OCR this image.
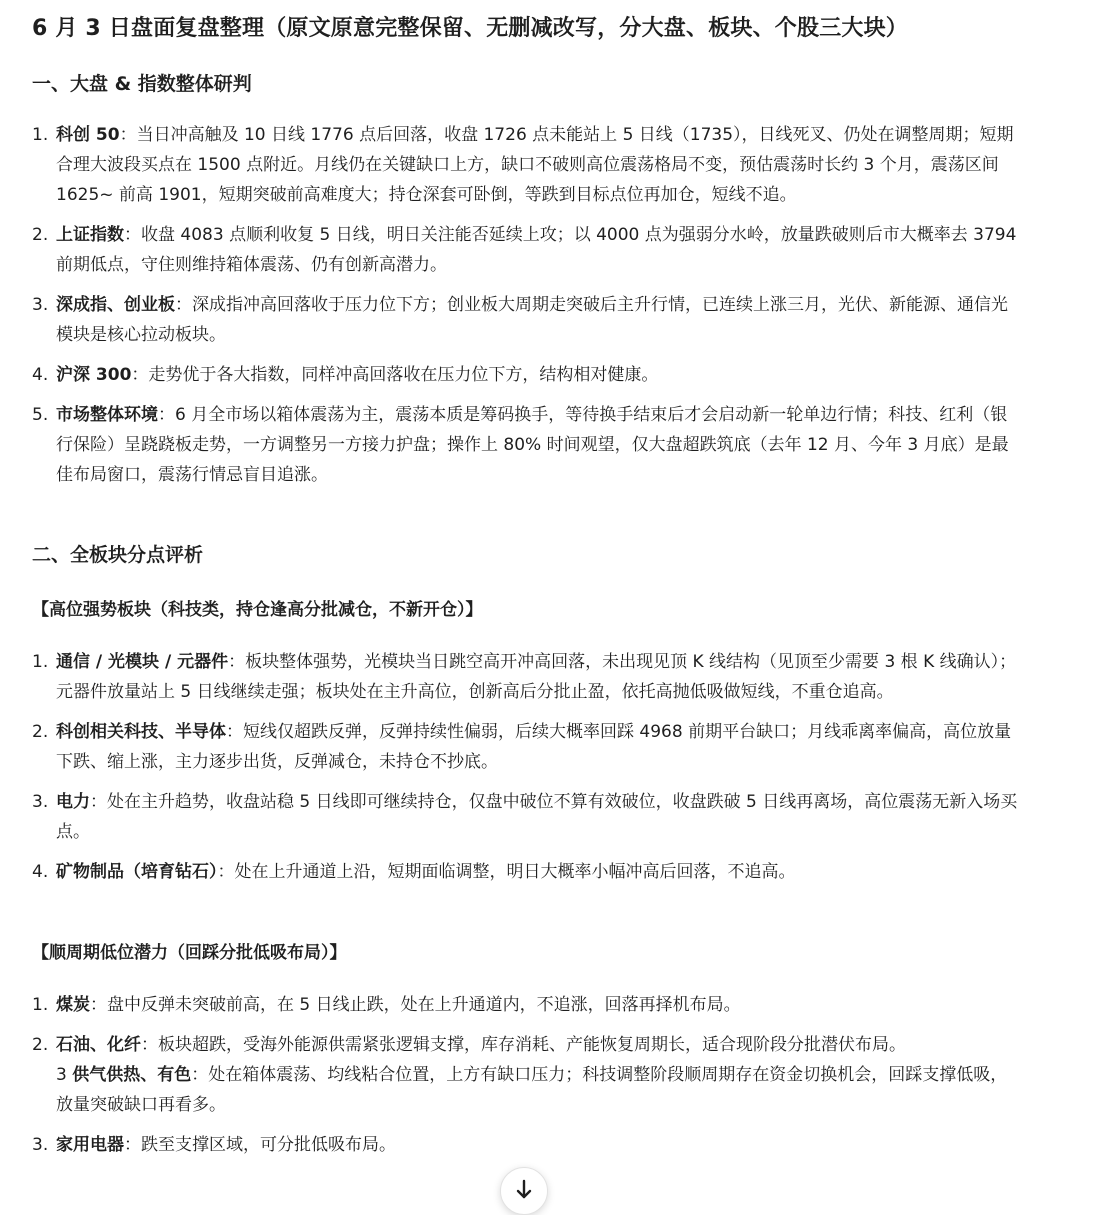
6 月 3 日盘面复盘整理（原文原意完整保留、无删减改写，分大盘、板块、个股三大块）
一、大盘 & 指数整体研判
1. 科创 50：当日冲高触及 10 日线 1776 点后回落，收盘 1726 点未能站上 5 日线（1735），日线死叉、仍处在调整周期；短期合理大波段买点在 1500 点附近。月线仍在关键缺口上方，缺口不破则高位震荡格局不变，预估震荡时长约 3 个月，震荡区间 1625~ 前高 1901，短期突破前高难度大；持仓深套可卧倒，等跌到目标点位再加仓，短线不追。
2. 上证指数：收盘 4083 点顺利收复 5 日线，明日关注能否延续上攻；以 4000 点为强弱分水岭，放量跌破则后市大概率去 3794 前期低点，守住则维持箱体震荡、仍有创新高潜力。
3. 深成指、创业板：深成指冲高回落收于压力位下方；创业板大周期走突破后主升行情，已连续上涨三月，光伏、新能源、通信光模块是核心拉动板块。
4. 沪深 300：走势优于各大指数，同样冲高回落收在压力位下方，结构相对健康。
5. 市场整体环境：6 月全市场以箱体震荡为主，震荡本质是筹码换手，等待换手结束后才会启动新一轮单边行情；科技、红利（银行保险）呈跷跷板走势，一方调整另一方接力护盘；操作上 80% 时间观望，仅大盘超跌筑底（去年 12 月、今年 3 月底）是最佳布局窗口，震荡行情忌盲目追涨。
二、全板块分点评析
【高位强势板块（科技类，持仓逢高分批减仓，不新开仓）】
1. 通信 / 光模块 / 元器件：板块整体强势，光模块当日跳空高开冲高回落，未出现见顶 K 线结构（见顶至少需要 3 根 K 线确认）；元器件放量站上 5 日线继续走强；板块处在主升高位，创新高后分批止盈，依托高抛低吸做短线，不重仓追高。
2. 科创相关科技、半导体：短线仅超跌反弹，反弹持续性偏弱，后续大概率回踩 4968 前期平台缺口；月线乖离率偏高，高位放量下跌、缩上涨，主力逐步出货，反弹减仓，未持仓不抄底。
3. 电力：处在主升趋势，收盘站稳 5 日线即可继续持仓，仅盘中破位不算有效破位，收盘跌破 5 日线再离场，高位震荡无新入场买点。
4. 矿物制品（培育钻石）：处在上升通道上沿，短期面临调整，明日大概率小幅冲高后回落，不追高。
【顺周期低位潜力（回踩分批低吸布局）】
1. 煤炭：盘中反弹未突破前高，在 5 日线止跌，处在上升通道内，不追涨，回落再择机布局。
2. 石油、化纤：板块超跌，受海外能源供需紧张逻辑支撑，库存消耗、产能恢复周期长，适合现阶段分批潜伏布局。
3 供气供热、有色：处在箱体震荡、均线粘合位置，上方有缺口压力；科技调整阶段顺周期存在资金切换机会，回踩支撑低吸，放量突破缺口再看多。
3. 家用电器：跌至支撑区域，可分批低吸布局。
